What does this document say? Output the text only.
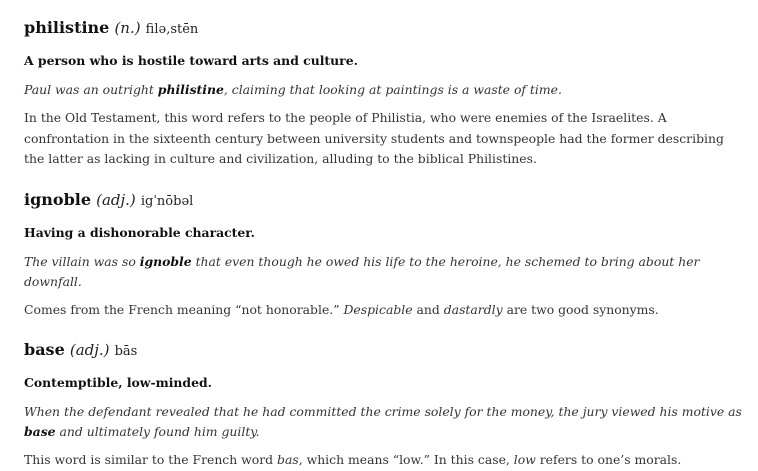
philistine (n.) filə,stēn

A person who is hostile toward arts and culture.

Paul was an outright philistine, claiming that looking at paintings is a waste of time.

In the Old Testament, this word refers to the people of Philistia, who were enemies of the Israelites. A confrontation in the sixteenth century between university students and townspeople had the former describing the latter as lacking in culture and civilization, alluding to the biblical Philistines.

ignoble (adj.) igˈnōbəl

Having a dishonorable character.

The villain was so ignoble that even though he owed his life to the heroine, he schemed to bring about her downfall.

Comes from the French meaning “not honorable.” Despicable and dastardly are two good synonyms.

base (adj.) bās

Contemptible, low-minded.

When the defendant revealed that he had committed the crime solely for the money, the jury viewed his motive as base and ultimately found him guilty.

This word is similar to the French word bas, which means “low.” In this case, low refers to one’s morals.
